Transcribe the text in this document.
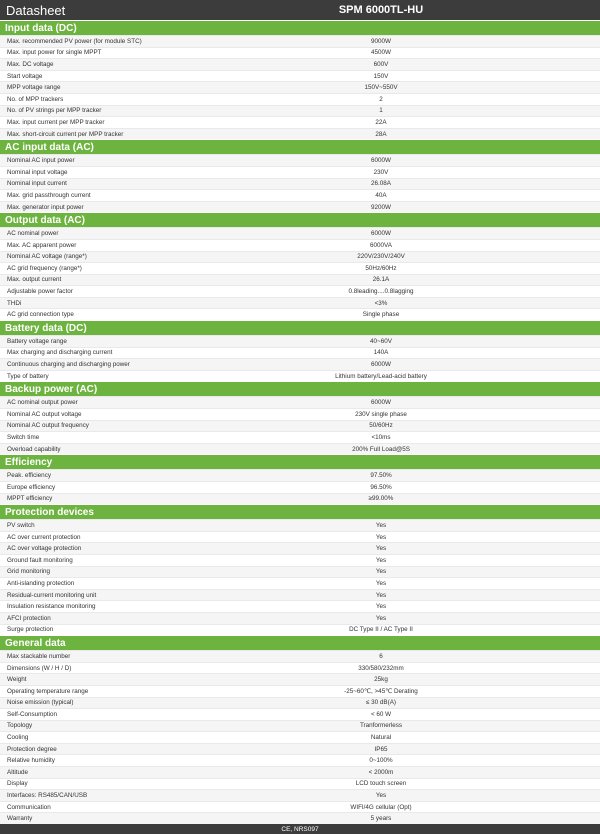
Datasheet	SPM 6000TL-HU
Input data (DC)
Max. recommended PV power (for module STC)	9000W
Max. input power for single MPPT	4500W
Max. DC voltage	600V
Start voltage	150V
MPP voltage range	150V~550V
No. of MPP trackers	2
No. of PV strings per MPP tracker	1
Max. input current per MPP tracker	22A
Max. short-circuit current per MPP tracker	28A
AC input data (AC)
Nominal AC input power	6000W
Nominal input voltage	230V
Nominal input current	26.08A
Max. grid passthrough current	40A
Max. generator input power	9200W
Output data (AC)
AC nominal power	6000W
Max. AC apparent power	6000VA
Nominal AC voltage (range*)	220V/230V/240V
AC grid frequency (range*)	50Hz/60Hz
Max. output current	26.1A
Adjustable power factor	0.8leading....0.8lagging
THDi	<3%
AC grid connection type	Single phase
Battery data (DC)
Battery voltage range	40~60V
Max charging and discharging current	140A
Continuous charging and discharging power	6000W
Type of battery	Lithium battery/Lead-acid battery
Backup power (AC)
AC nominal output power	6000W
Nominal AC output voltage	230V single phase
Nominal AC output frequency	50/60Hz
Switch time	<10ms
Overload capability	200% Full Load@5S
Efficiency
Peak. efficiency	97.50%
Europe efficiency	96.50%
MPPT efficiency	≥99.00%
Protection devices
PV switch	Yes
AC over current protection	Yes
AC over voltage protection	Yes
Ground fault monitoring	Yes
Grid monitoring	Yes
Anti-islanding protection	Yes
Residual-current monitoring unit	Yes
Insulation resistance monitoring	Yes
AFCI protection	Yes
Surge protection	DC Type II / AC Type II
General data
Max stackable number	6
Dimensions (W / H / D)	330/580/232mm
Weight	25kg
Operating temperature range	-25~60℃, >45℃ Derating
Noise emission (typical)	≤ 30 dB(A)
Self-Consumption	< 60 W
Topology	Tranformerless
Cooling	Natural
Protection degree	IP65
Relative humidity	0~100%
Altitude	< 2000m
Display	LCD touch screen
Interfaces: RS485/CAN/USB	Yes
Communication	WIFI/4G cellular (Opt)
Warranty	5 years
CE, NRS097
